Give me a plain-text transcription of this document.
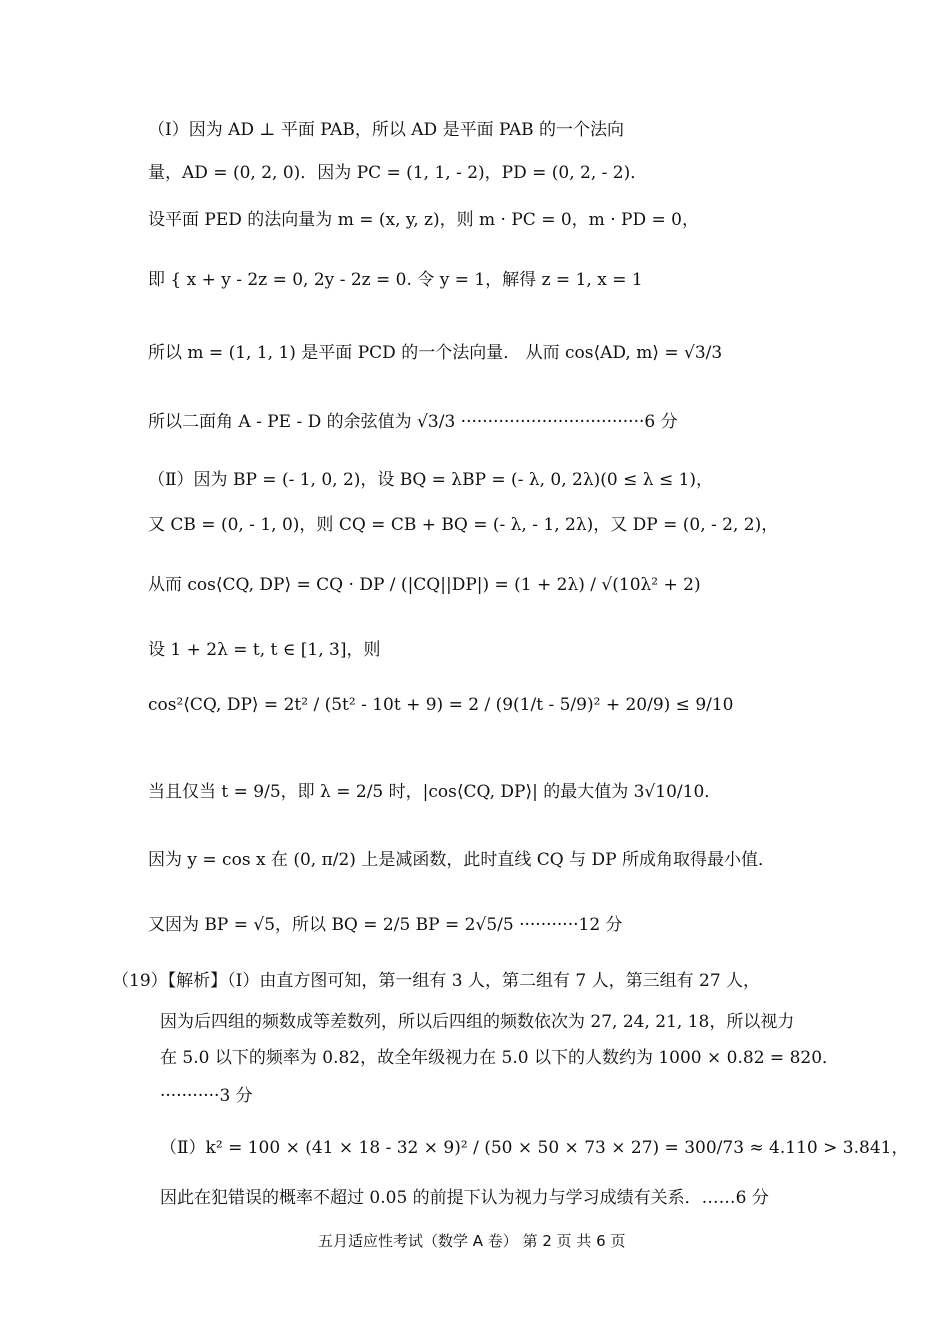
（Ⅰ）因为 AD ⊥ 平面 PAB，所以 AD 是平面 PAB 的一个法向
量，AD = (0, 2, 0)．因为 PC = (1, 1, - 2)，PD = (0, 2, - 2)．
设平面 PED 的法向量为 m = (x, y, z)，则 m · PC = 0，m · PD = 0，
即 { x + y - 2z = 0, 2y - 2z = 0. 令 y = 1，解得 z = 1, x = 1
所以 m = (1, 1, 1) 是平面 PCD 的一个法向量． 从而 cos⟨AD, m⟩ = √3/3
所以二面角 A - PE - D 的余弦值为 √3/3 ··································6 分
（Ⅱ）因为 BP = (- 1, 0, 2)，设 BQ = λBP = (- λ, 0, 2λ)(0 ≤ λ ≤ 1)，
又 CB = (0, - 1, 0)，则 CQ = CB + BQ = (- λ, - 1, 2λ)，又 DP = (0, - 2, 2)，
从而 cos⟨CQ, DP⟩ = CQ · DP / (|CQ||DP|) = (1 + 2λ) / √(10λ² + 2)
设 1 + 2λ = t, t ∈ [1, 3]，则
cos²⟨CQ, DP⟩ = 2t² / (5t² - 10t + 9) = 2 / (9(1/t - 5/9)² + 20/9) ≤ 9/10
当且仅当 t = 9/5，即 λ = 2/5 时，|cos⟨CQ, DP⟩| 的最大值为 3√10/10．
因为 y = cos x 在 (0, π/2) 上是减函数，此时直线 CQ 与 DP 所成角取得最小值．
又因为 BP = √5，所以 BQ = 2/5 BP = 2√5/5 ···········12 分
（19）【解析】（Ⅰ）由直方图可知，第一组有 3 人，第二组有 7 人，第三组有 27 人，
因为后四组的频数成等差数列，所以后四组的频数依次为 27, 24, 21, 18，所以视力
在 5.0 以下的频率为 0.82，故全年级视力在 5.0 以下的人数约为 1000 × 0.82 = 820．
···········3 分
（Ⅱ）k² = 100 × (41 × 18 - 32 × 9)² / (50 × 50 × 73 × 27) = 300/73 ≈ 4.110 > 3.841，
因此在犯错误的概率不超过 0.05 的前提下认为视力与学习成绩有关系．……6 分
五月适应性考试（数学 A 卷） 第 2 页 共 6 页
